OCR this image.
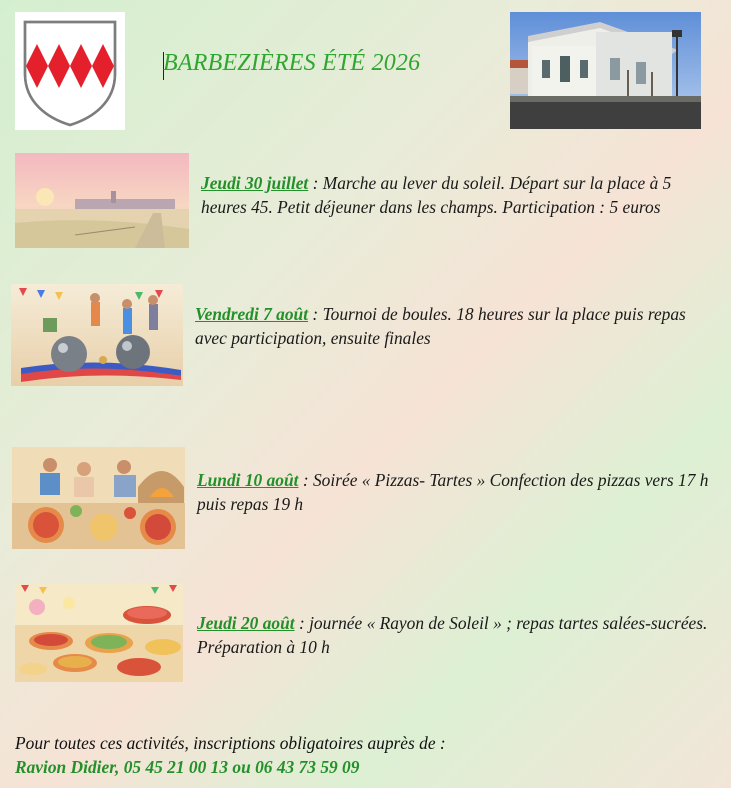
BARBEZIÈRES ÉTÉ 2026
Jeudi 30 juillet : Marche au lever du soleil. Départ sur la place à 5 heures 45. Petit déjeuner dans les champs. Participation : 5 euros
Vendredi 7 août : Tournoi de boules. 18 heures sur la place puis repas avec participation, ensuite finales
Lundi 10 août : Soirée « Pizzas- Tartes » Confection des pizzas vers 17 h puis repas 19 h
Jeudi 20 août : journée « Rayon de Soleil » ; repas tartes salées-sucrées. Préparation à 10 h
Pour toutes ces activités, inscriptions obligatoires auprès de :
Ravion Didier, 05 45 21 00 13 ou 06 43 73 59 09
